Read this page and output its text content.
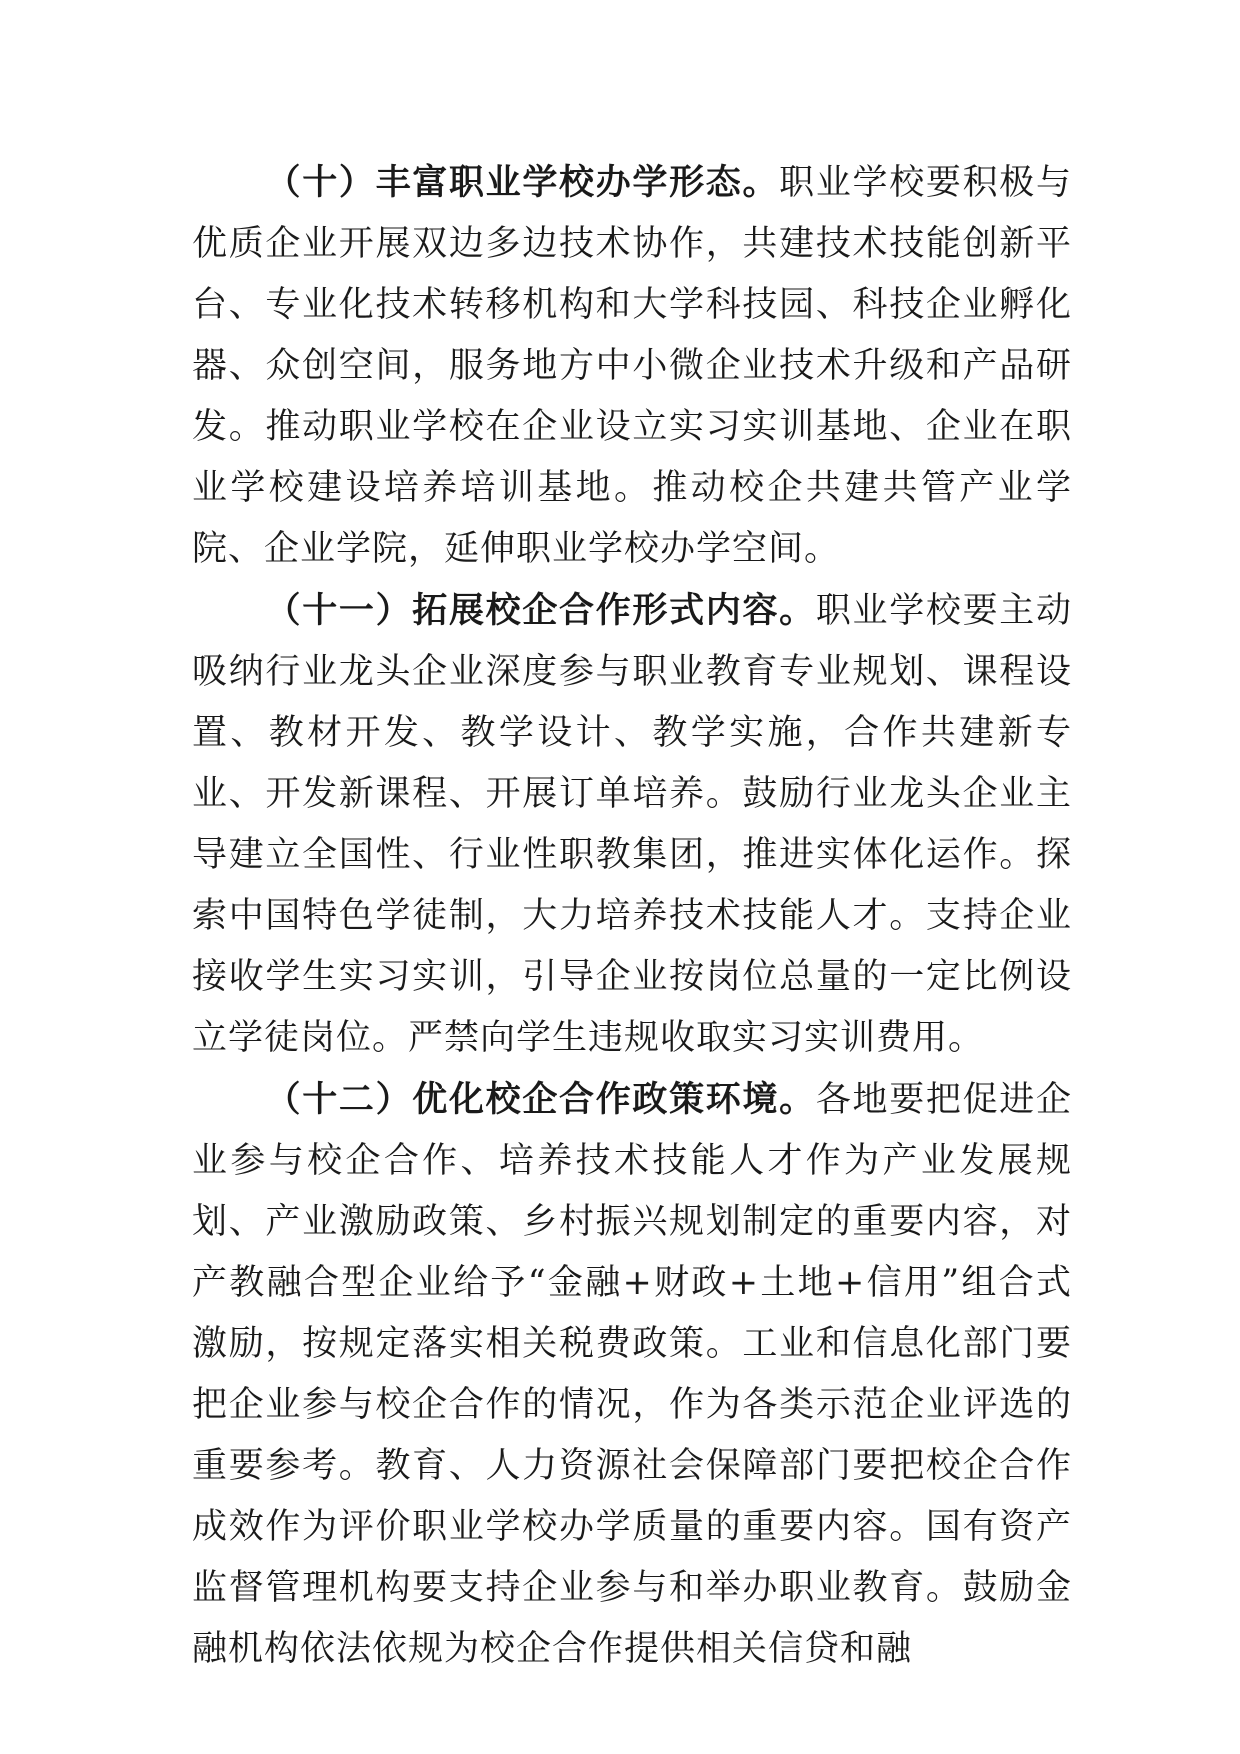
（十）丰富职业学校办学形态。职业学校要积极与优质企业开展双边多边技术协作，共建技术技能创新平台、专业化技术转移机构和大学科技园、科技企业孵化器、众创空间，服务地方中小微企业技术升级和产品研发。推动职业学校在企业设立实习实训基地、企业在职业学校建设培养培训基地。推动校企共建共管产业学院、企业学院，延伸职业学校办学空间。

（十一）拓展校企合作形式内容。职业学校要主动吸纳行业龙头企业深度参与职业教育专业规划、课程设置、教材开发、教学设计、教学实施，合作共建新专业、开发新课程、开展订单培养。鼓励行业龙头企业主导建立全国性、行业性职教集团，推进实体化运作。探索中国特色学徒制，大力培养技术技能人才。支持企业接收学生实习实训，引导企业按岗位总量的一定比例设立学徒岗位。严禁向学生违规收取实习实训费用。

（十二）优化校企合作政策环境。各地要把促进企业参与校企合作、培养技术技能人才作为产业发展规划、产业激励政策、乡村振兴规划制定的重要内容，对产教融合型企业给予“金融+财政+土地+信用”组合式激励，按规定落实相关税费政策。工业和信息化部门要把企业参与校企合作的情况，作为各类示范企业评选的重要参考。教育、人力资源社会保障部门要把校企合作成效作为评价职业学校办学质量的重要内容。国有资产监督管理机构要支持企业参与和举办职业教育。鼓励金融机构依法依规为校企合作提供相关信贷和融
